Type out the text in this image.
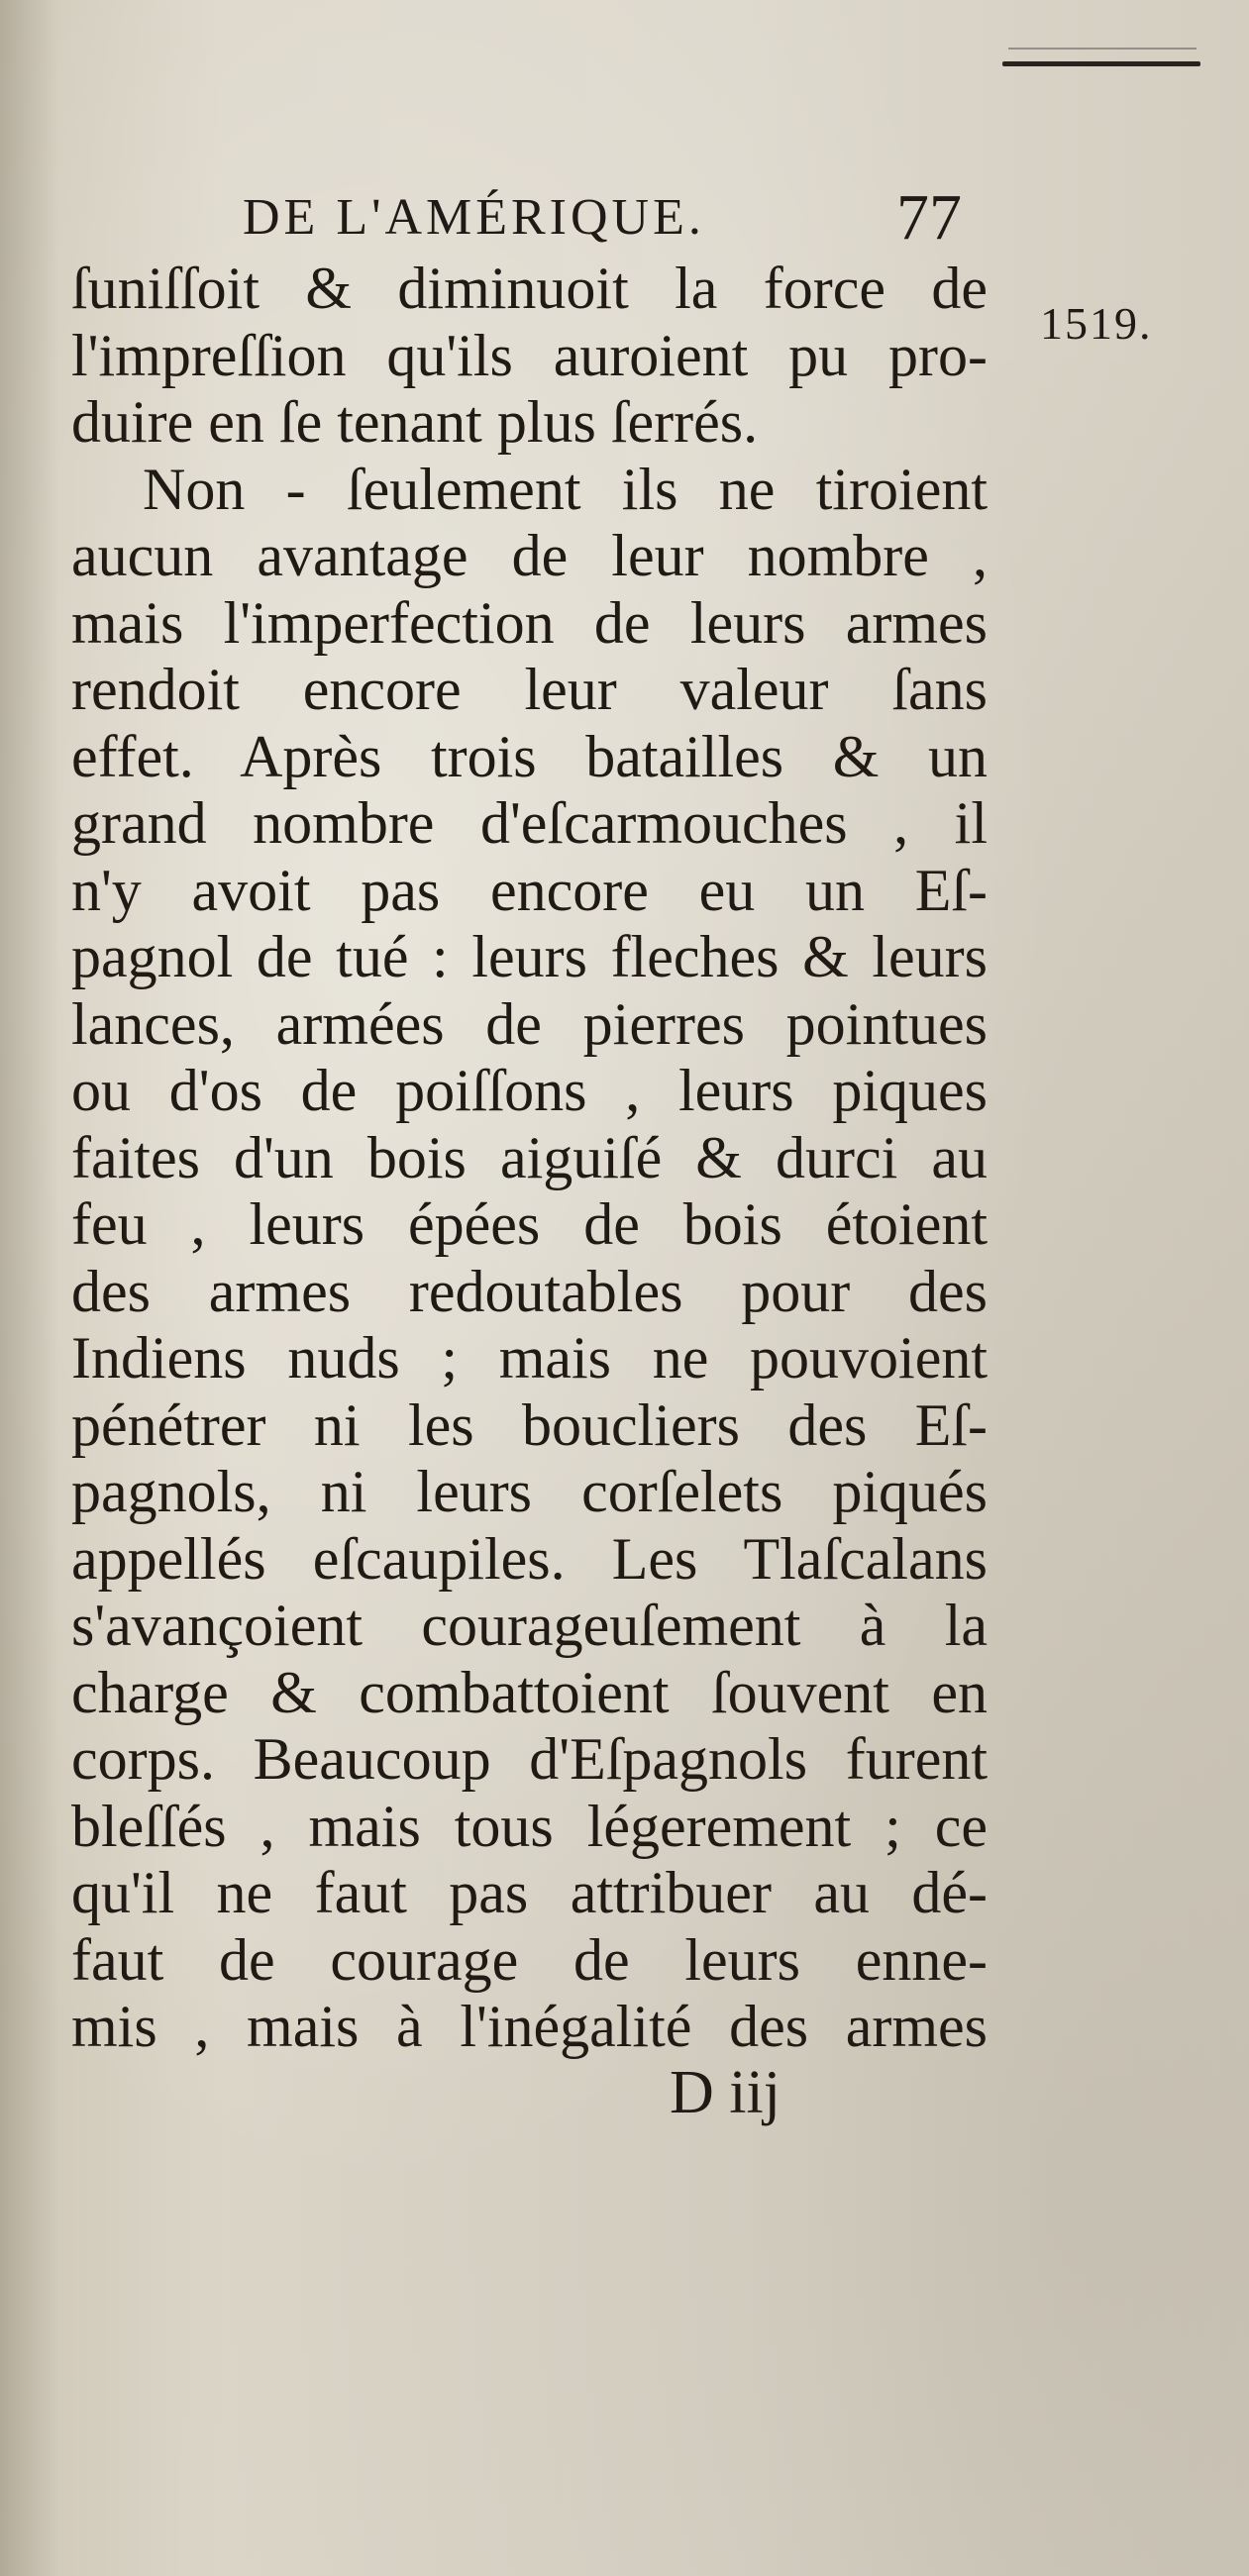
DE L'AMÉRIQUE.	77
1519.
ſuniſſoit & diminuoit la force de
l'impreſſion qu'ils auroient pu pro-
duire en ſe tenant plus ſerrés.
Non - ſeulement ils ne tiroient
aucun avantage de leur nombre ,
mais l'imperfection de leurs armes
rendoit encore leur valeur ſans
effet. Après trois batailles & un
grand nombre d'eſcarmouches , il
n'y avoit pas encore eu un Eſ-
pagnol de tué : leurs fleches & leurs
lances, armées de pierres pointues
ou d'os de poiſſons , leurs piques
faites d'un bois aiguiſé & durci au
feu , leurs épées de bois étoient
des armes redoutables pour des
Indiens nuds ; mais ne pouvoient
pénétrer ni les boucliers des Eſ-
pagnols, ni leurs corſelets piqués
appellés eſcaupiles. Les Tlaſcalans
s'avançoient courageuſement à la
charge & combattoient ſouvent en
corps. Beaucoup d'Eſpagnols furent
bleſſés , mais tous légerement ; ce
qu'il ne faut pas attribuer au dé-
faut de courage de leurs enne-
mis , mais à l'inégalité des armes
D iij
